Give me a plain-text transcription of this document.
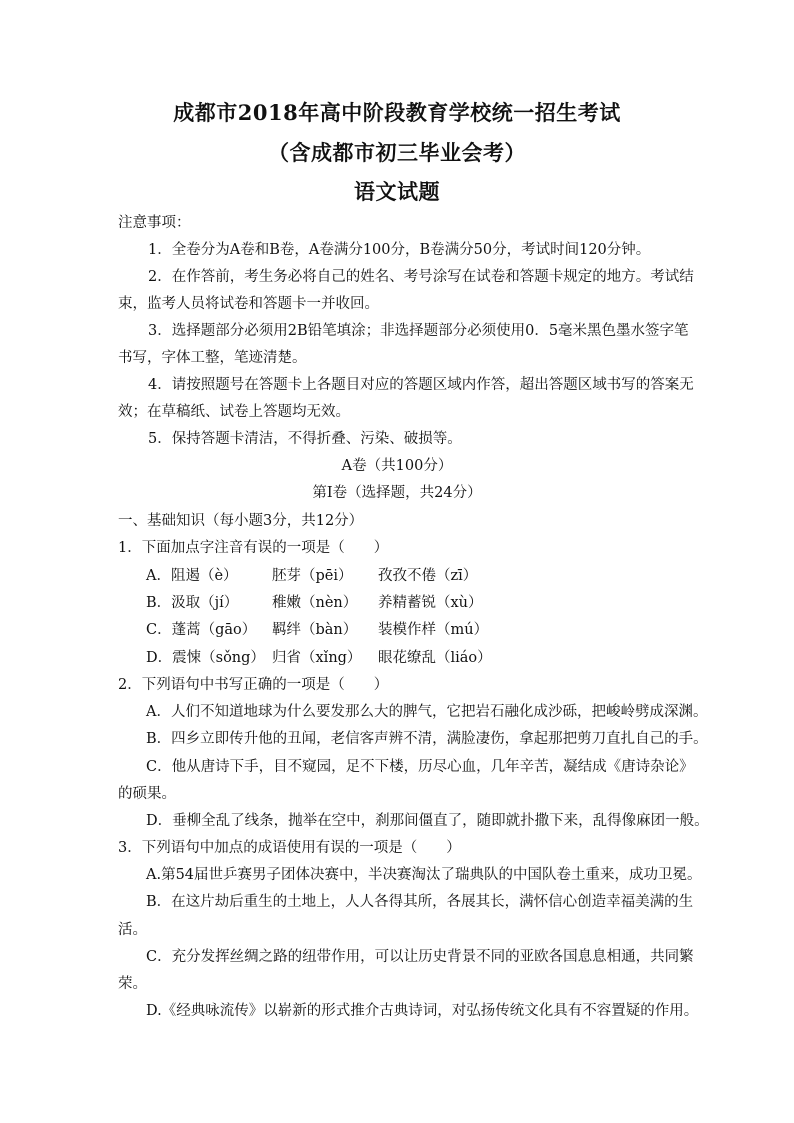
成都市2018年高中阶段教育学校统一招生考试
（含成都市初三毕业会考）
语文试题
注意事项：
1．全卷分为A卷和B卷，A卷满分100分，B卷满分50分，考试时间120分钟。
2．在作答前，考生务必将自己的姓名、考号涂写在试卷和答题卡规定的地方。考试结
束，监考人员将试卷和答题卡一并收回。
3．选择题部分必须用2B铅笔填涂；非选择题部分必须使用0．5毫米黑色墨水签字笔
书写，字体工整，笔迹清楚。
4．请按照题号在答题卡上各题目对应的答题区域内作答，超出答题区域书写的答案无
效；在草稿纸、试卷上答题均无效。
5．保持答题卡清洁，不得折叠、污染、破损等。
A卷（共100分）
第Ⅰ卷（选择题，共24分）
一、基础知识（每小题3分，共12分）
1．下面加点字注音有误的一项是（　　）
A．阻遏（è） 胚芽（pēi） 孜孜不倦（zī）
B．汲取（jí） 稚嫩（nèn） 养精蓄锐（xù）
C．蓬蒿（gāo） 羁绊（bàn） 装模作样（mú）
D．震悚（sǒng） 归省（xǐng） 眼花缭乱（liáo）
2．下列语句中书写正确的一项是（　　）
A．人们不知道地球为什么要发那么大的脾气，它把岩石融化成沙砾，把峻岭劈成深渊。
B．四乡立即传升他的丑闻，老信客声辨不清，满脸凄伤，拿起那把剪刀直扎自己的手。
C．他从唐诗下手，目不窥园，足不下楼，历尽心血，几年辛苦，凝结成《唐诗杂论》
的硕果。
D．垂柳全乱了线条，抛举在空中，刹那间僵直了，随即就扑撒下来，乱得像麻团一般。
3．下列语句中加点的成语使用有误的一项是（　　）
A.第54届世乒赛男子团体决赛中，半决赛淘汰了瑞典队的中国队卷土重来，成功卫冕。
B．在这片劫后重生的土地上，人人各得其所，各展其长，满怀信心创造幸福美满的生
活。
C．充分发挥丝绸之路的纽带作用，可以让历史背景不同的亚欧各国息息相通，共同繁
荣。
D.《经典咏流传》以崭新的形式推介古典诗词，对弘扬传统文化具有不容置疑的作用。
